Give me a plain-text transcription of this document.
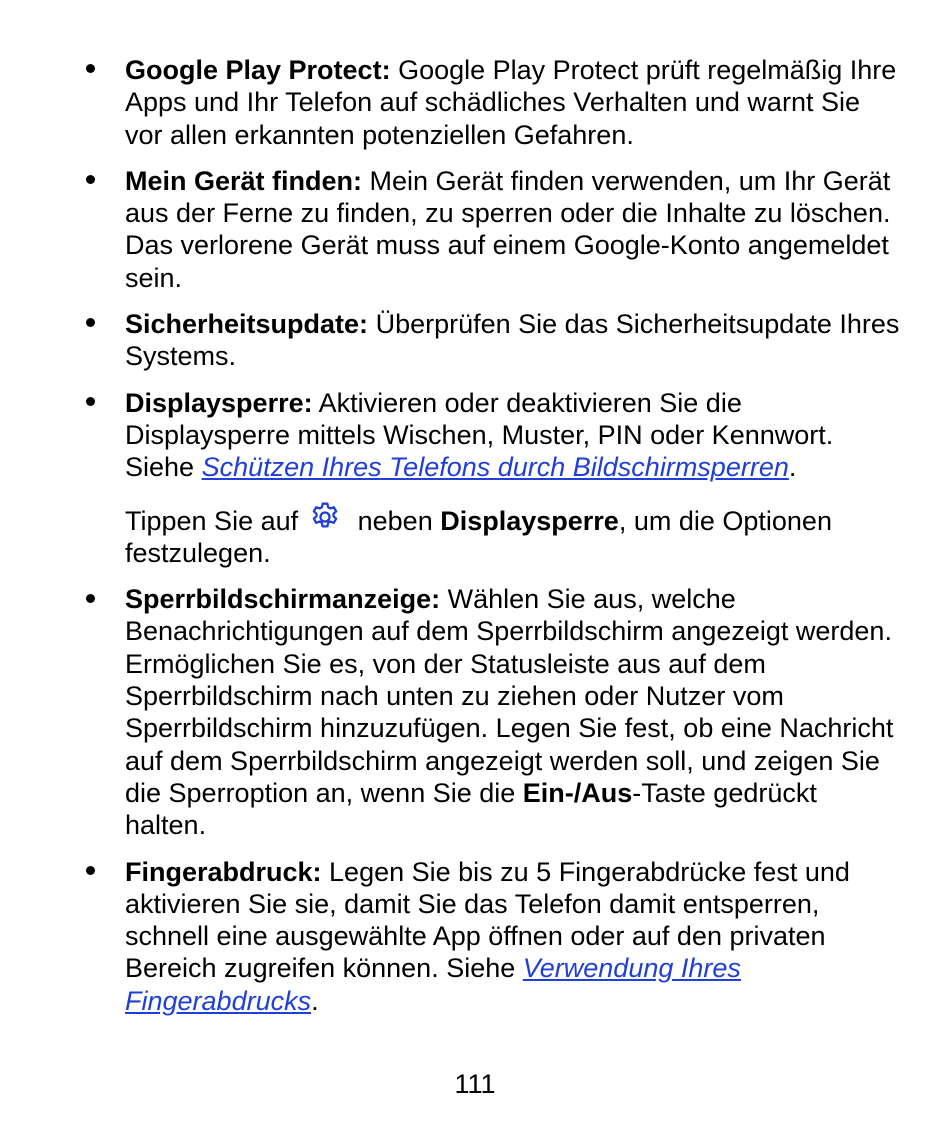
Google Play Protect: Google Play Protect prüft regelmäßig Ihre Apps und Ihr Telefon auf schädliches Verhalten und warnt Sie vor allen erkannten potenziellen Gefahren.
Mein Gerät finden: Mein Gerät finden verwenden, um Ihr Gerät aus der Ferne zu finden, zu sperren oder die Inhalte zu löschen. Das verlorene Gerät muss auf einem Google-Konto angemeldet sein.
Sicherheitsupdate: Überprüfen Sie das Sicherheitsupdate Ihres Systems.
Displaysperre: Aktivieren oder deaktivieren Sie die Displaysperre mittels Wischen, Muster, PIN oder Kennwort. Siehe Schützen Ihres Telefons durch Bildschirmsperren.
Tippen Sie auf
neben Displaysperre, um die Optionen festzulegen.
Sperrbildschirmanzeige: Wählen Sie aus, welche Benachrichtigungen auf dem Sperrbildschirm angezeigt werden. Ermöglichen Sie es, von der Statusleiste aus auf dem Sperrbildschirm nach unten zu ziehen oder Nutzer vom Sperrbildschirm hinzuzufügen. Legen Sie fest, ob eine Nachricht auf dem Sperrbildschirm angezeigt werden soll, und zeigen Sie die Sperroption an, wenn Sie die Ein-/Aus-Taste gedrückt halten.
Fingerabdruck: Legen Sie bis zu 5 Fingerabdrücke fest und aktivieren Sie sie, damit Sie das Telefon damit entsperren, schnell eine ausgewählte App öffnen oder auf den privaten Bereich zugreifen können. Siehe Verwendung Ihres Fingerabdrucks.
111
